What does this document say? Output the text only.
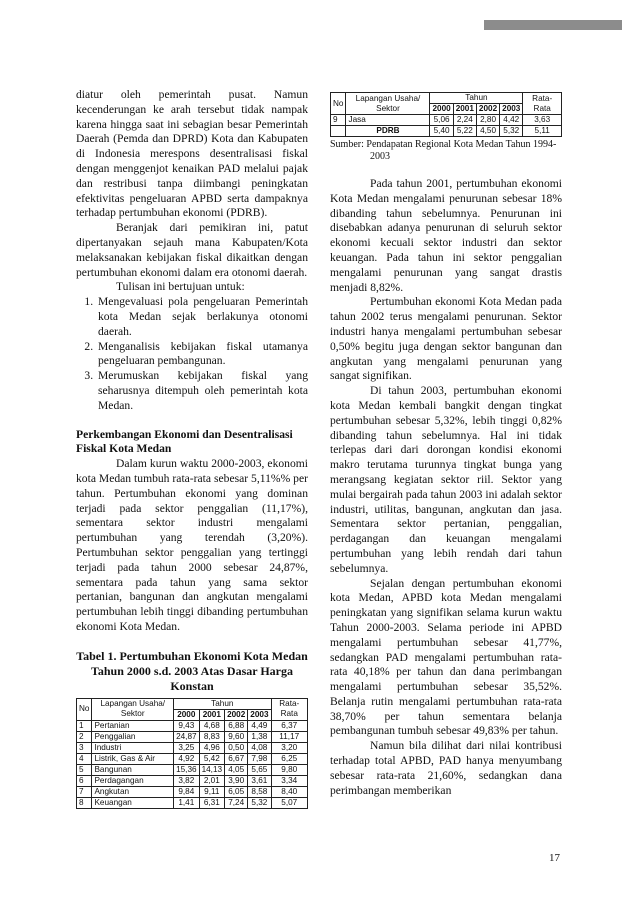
diatur oleh pemerintah pusat. Namun kecenderungan ke arah tersebut tidak nampak karena hingga saat ini sebagian besar Pemerintah Daerah (Pemda dan DPRD) Kota dan Kabupaten di Indonesia merespons desentralisasi fiskal dengan menggenjot kenaikan PAD melalui pajak dan restribusi tanpa diimbangi peningkatan efektivitas pengeluaran APBD serta dampaknya terhadap pertumbuhan ekonomi (PDRB).

Beranjak dari pemikiran ini, patut dipertanyakan sejauh mana Kabupaten/Kota melaksanakan kebijakan fiskal dikaitkan dengan pertumbuhan ekonomi dalam era otonomi daerah.

Tulisan ini bertujuan untuk:

1. Mengevaluasi pola pengeluaran Pemerintah kota Medan sejak berlakunya otonomi daerah.
2. Menganalisis kebijakan fiskal utamanya pengeluaran pembangunan.
3. Merumuskan kebijakan fiskal yang seharusnya ditempuh oleh pemerintah kota Medan.
Perkembangan Ekonomi dan Desentralisasi Fiskal Kota Medan

Dalam kurun waktu 2000-2003, ekonomi kota Medan tumbuh rata-rata sebesar 5,11%% per tahun. Pertumbuhan ekonomi yang dominan terjadi pada sektor penggalian (11,17%), sementara sektor industri mengalami pertumbuhan yang terendah (3,20%). Pertumbuhan sektor penggalian yang tertinggi terjadi pada tahun 2000 sebesar 24,87%, sementara pada tahun yang sama sektor pertanian, bangunan dan angkutan mengalami pertumbuhan lebih tinggi dibanding pertumbuhan ekonomi Kota Medan.

Tabel 1. Pertumbuhan Ekonomi Kota Medan Tahun 2000 s.d. 2003 Atas Dasar Harga Konstan
No	Lapangan Usaha/ Sektor	Tahun				Rata-Rata
		2000	2001	2002	2003	
1	Pertanian	9,43	4,68	6,88	4,49	6,37
2	Penggalian	24,87	8,83	9,60	1,38	11,17
3	Industri	3,25	4,96	0,50	4,08	3,20
4	Listrik, Gas & Air	4,92	5,42	6,67	7,98	6,25
5	Bangunan	15,36	14,13	4,05	5,65	9,80
6	Perdagangan	3,82	2,01	3,90	3,61	3,34
7	Angkutan	9,84	9,11	6,05	8,58	8,40
8	Keuangan	1,41	6,31	7,24	5,32	5,07
No	Lapangan Usaha/ Sektor	Tahun				Rata-Rata
		2000	2001	2002	2003	
9	Jasa	5,06	2,24	2,80	4,42	3,63
	PDRB	5,40	5,22	4,50	5,32	5,11
Sumber: Pendapatan Regional Kota Medan Tahun 1994-
2003

Pada tahun 2001, pertumbuhan ekonomi Kota Medan mengalami penurunan sebesar 18% dibanding tahun sebelumnya. Penurunan ini disebabkan adanya penurunan di seluruh sektor ekonomi kecuali sektor industri dan sektor keuangan. Pada tahun ini sektor penggalian mengalami penurunan yang sangat drastis menjadi 8,82%.

Pertumbuhan ekonomi Kota Medan pada tahun 2002 terus mengalami penurunan. Sektor industri hanya mengalami pertumbuhan sebesar 0,50% begitu juga dengan sektor bangunan dan angkutan yang mengalami penurunan yang sangat signifikan.

Di tahun 2003, pertumbuhan ekonomi kota Medan kembali bangkit dengan tingkat pertumbuhan sebesar 5,32%, lebih tinggi 0,82% dibanding tahun sebelumnya. Hal ini tidak terlepas dari dari dorongan kondisi ekonomi makro terutama turunnya tingkat bunga yang merangsang kegiatan sektor riil. Sektor yang mulai bergairah pada tahun 2003 ini adalah sektor industri, utilitas, bangunan, angkutan dan jasa. Sementara sektor pertanian, penggalian, perdagangan dan keuangan mengalami pertumbuhan yang lebih rendah dari tahun sebelumnya.

Sejalan dengan pertumbuhan ekonomi kota Medan, APBD kota Medan mengalami peningkatan yang signifikan selama kurun waktu Tahun 2000-2003. Selama periode ini APBD mengalami pertumbuhan sebesar 41,77%, sedangkan PAD mengalami pertumbuhan rata-rata 40,18% per tahun dan dana perimbangan mengalami pertumbuhan sebesar 35,52%. Belanja rutin mengalami pertumbuhan rata-rata 38,70% per tahun sementara belanja pembangunan tumbuh sebesar 49,83% per tahun.

Namun bila dilihat dari nilai kontribusi terhadap total APBD, PAD hanya menyumbang sebesar rata-rata 21,60%, sedangkan dana perimbangan memberikan

17
